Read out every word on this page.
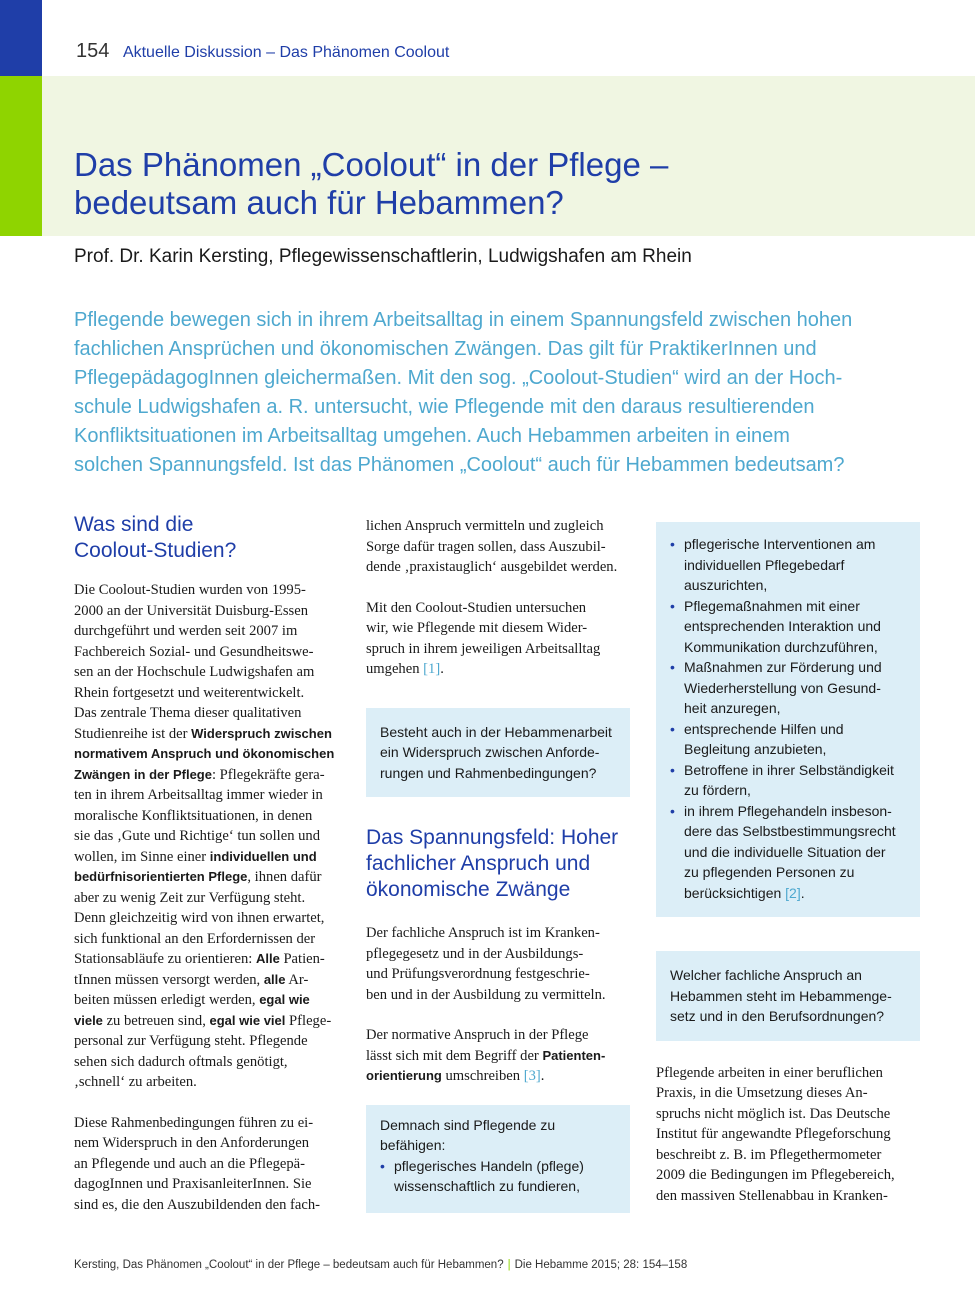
154 Aktuelle Diskussion – Das Phänomen Coolout
Das Phänomen „Coolout“ in der Pflege –
bedeutsam auch für Hebammen?
Prof. Dr. Karin Kersting, Pflegewissenschaftlerin, Ludwigshafen am Rhein
Pflegende bewegen sich in ihrem Arbeitsalltag in einem Spannungsfeld zwischen hohen
fachlichen Ansprüchen und ökonomischen Zwängen. Das gilt für PraktikerInnen und
PflegepädagogInnen gleichermaßen. Mit den sog. „Coolout-Studien“ wird an der Hoch-
schule Ludwigshafen a. R. untersucht, wie Pflegende mit den daraus resultierenden
Konfliktsituationen im Arbeitsalltag umgehen. Auch Hebammen arbeiten in einem
solchen Spannungsfeld. Ist das Phänomen „Coolout“ auch für Hebammen bedeutsam?
Was sind die
Coolout-Studien?
Die Coolout-Studien wurden von 1995-
2000 an der Universität Duisburg-Essen
durchgeführt und werden seit 2007 im
Fachbereich Sozial- und Gesundheitswe-
sen an der Hochschule Ludwigshafen am
Rhein fortgesetzt und weiterentwickelt.
Das zentrale Thema dieser qualitativen
Studienreihe ist der Widerspruch zwischen
normativem Anspruch und ökonomischen
Zwängen in der Pflege: Pflegekräfte gera-
ten in ihrem Arbeitsalltag immer wieder in
moralische Konfliktsituationen, in denen
sie das ‚Gute und Richtige‘ tun sollen und
wollen, im Sinne einer individuellen und
bedürfnisorientierten Pflege, ihnen dafür
aber zu wenig Zeit zur Verfügung steht.
Denn gleichzeitig wird von ihnen erwartet,
sich funktional an den Erfordernissen der
Stationsabläufe zu orientieren: Alle Patien-
tInnen müssen versorgt werden, alle Ar-
beiten müssen erledigt werden, egal wie
viele zu betreuen sind, egal wie viel Pflege-
personal zur Verfügung steht. Pflegende
sehen sich dadurch oftmals genötigt,
‚schnell‘ zu arbeiten.
Diese Rahmenbedingungen führen zu ei-
nem Widerspruch in den Anforderungen
an Pflegende und auch an die Pflegepä-
dagogInnen und PraxisanleiterInnen. Sie
sind es, die den Auszubildenden den fach-
lichen Anspruch vermitteln und zugleich
Sorge dafür tragen sollen, dass Auszubil-
dende ‚praxistauglich‘ ausgebildet werden.
Mit den Coolout-Studien untersuchen
wir, wie Pflegende mit diesem Wider-
spruch in ihrem jeweiligen Arbeitsalltag
umgehen [1].
Besteht auch in der Hebammenarbeit
ein Widerspruch zwischen Anforde-
rungen und Rahmenbedingungen?
Das Spannungsfeld: Hoher
fachlicher Anspruch und
ökonomische Zwänge
Der fachliche Anspruch ist im Kranken-
pflegegesetz und in der Ausbildungs-
und Prüfungsverordnung festgeschrie-
ben und in der Ausbildung zu vermitteln.
Der normative Anspruch in der Pflege
lässt sich mit dem Begriff der Patienten-
orientierung umschreiben [3].
Demnach sind Pflegende zu
befähigen:
• pflegerisches Handeln (pflege)
wissenschaftlich zu fundieren,
• pflegerische Interventionen am
individuellen Pflegebedarf
auszurichten,
• Pflegemaßnahmen mit einer
entsprechenden Interaktion und
Kommunikation durchzuführen,
• Maßnahmen zur Förderung und
Wiederherstellung von Gesund-
heit anzuregen,
• entsprechende Hilfen und
Begleitung anzubieten,
• Betroffene in ihrer Selbständigkeit
zu fördern,
• in ihrem Pflegehandeln insbeson-
dere das Selbstbestimmungsrecht
und die individuelle Situation der
zu pflegenden Personen zu
berücksichtigen [2].
Welcher fachliche Anspruch an
Hebammen steht im Hebammenge-
setz und in den Berufsordnungen?
Pflegende arbeiten in einer beruflichen
Praxis, in die Umsetzung dieses An-
spruchs nicht möglich ist. Das Deutsche
Institut für angewandte Pflegeforschung
beschreibt z. B. im Pflegethermometer
2009 die Bedingungen im Pflegebereich,
den massiven Stellenabbau in Kranken-
Kersting, Das Phänomen „Coolout“ in der Pflege – bedeutsam auch für Hebammen? | Die Hebamme 2015; 28: 154–158
